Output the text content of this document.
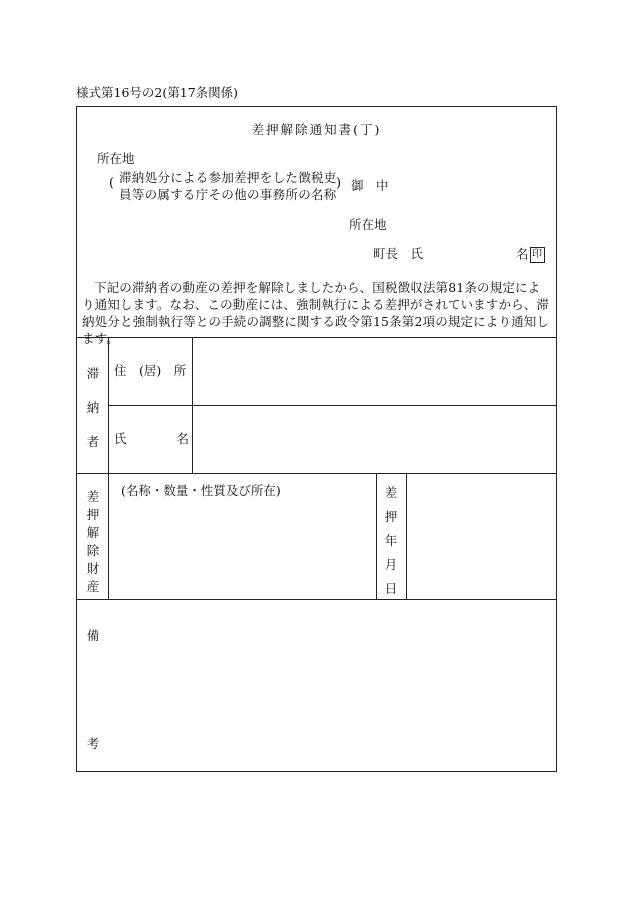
様式第16号の2(第17条関係)
差押解除通知書(丁)
所在地
( 滞納処分による参加差押をした徴税吏
員等の属する庁その他の事務所の名称
) 御　中
所在地
町長　氏	名 印
下記の滞納者の動産の差押を解除しましたから、国税徴収法第81条の規定により通知します。なお、この動産には、強制執行による差押がされていますから、滞納処分と強制執行等との手続の調整に関する政令第15条第2項の規定により通知します。
滞
納
者
住　(居)　所
氏　　　　名
差
押
解
除
財
産
(名称・数量・性質及び所在)	差
押
年
月
日
備
考
